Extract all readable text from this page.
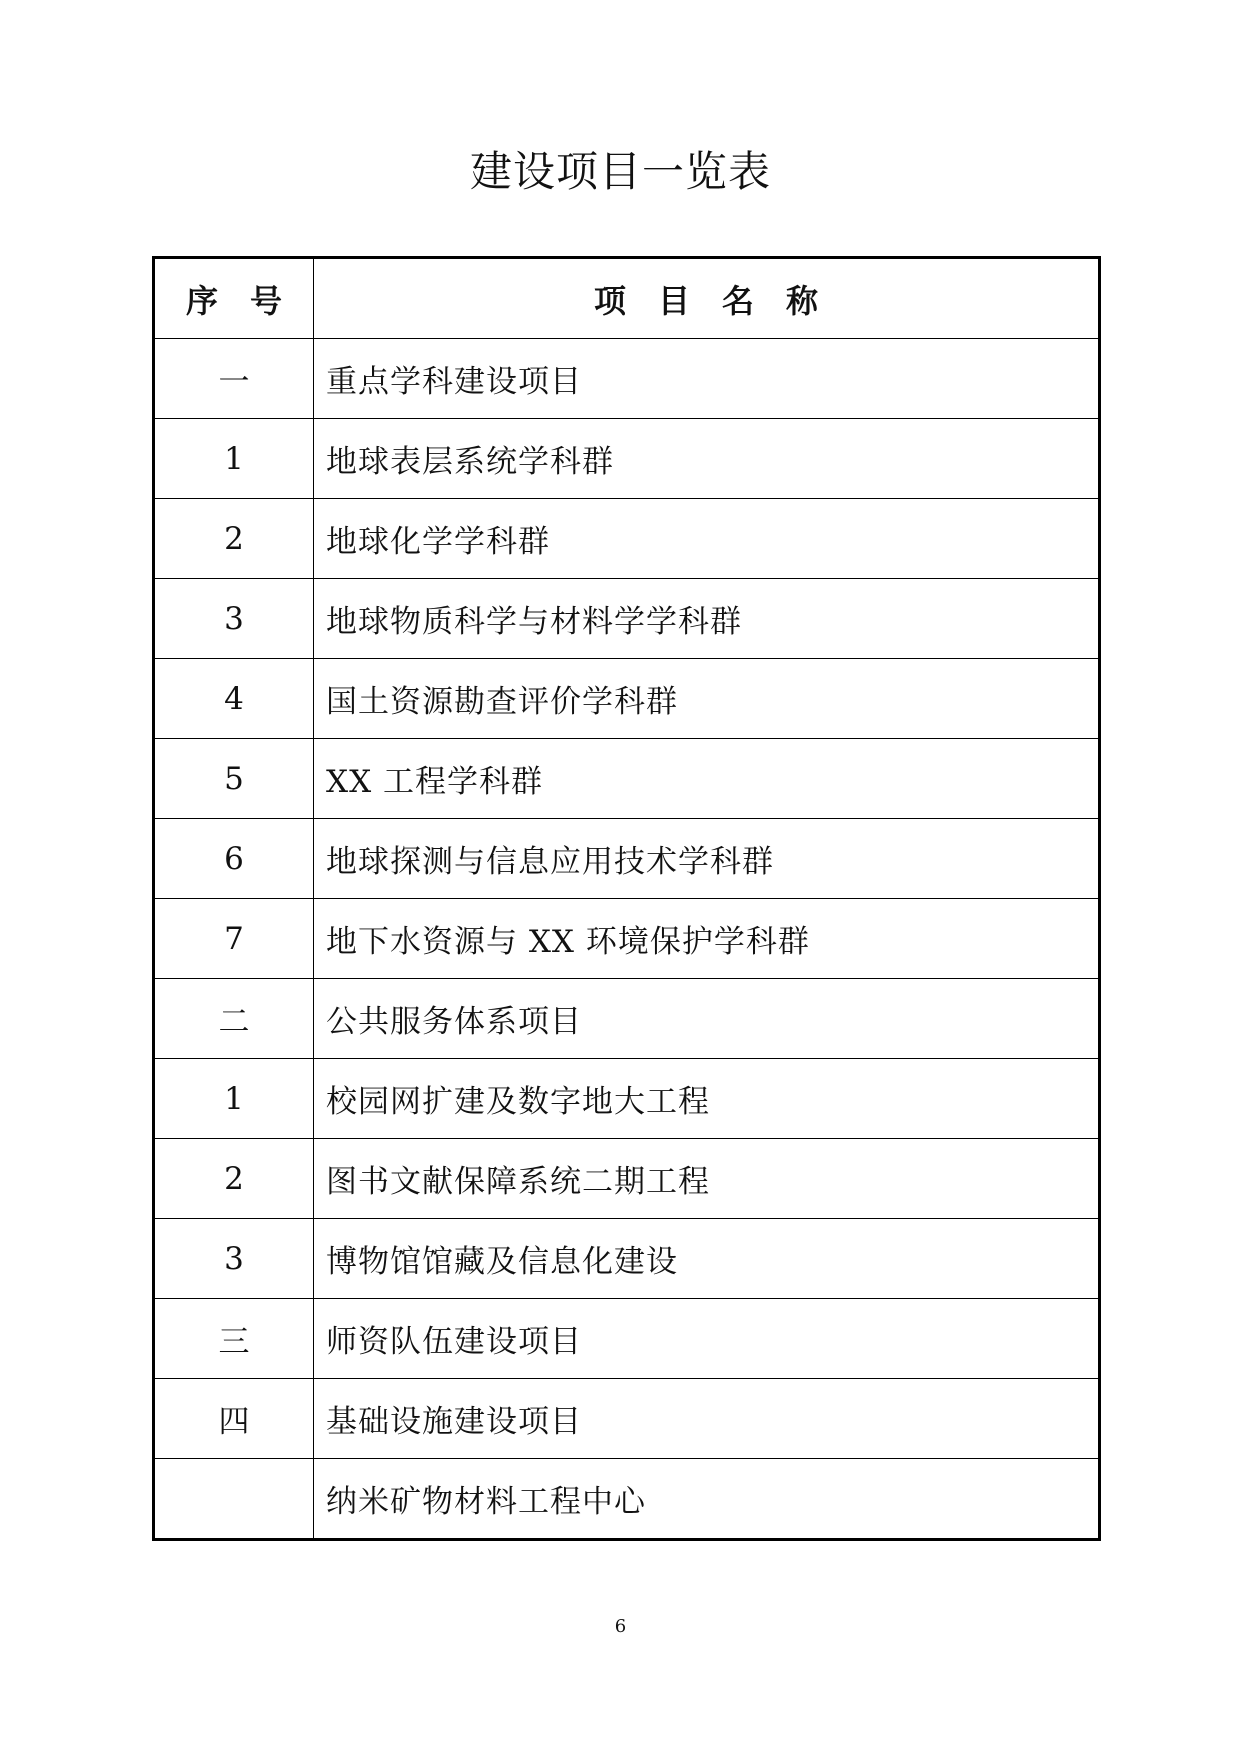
建设项目一览表
序　号	项　目　名　称
一	重点学科建设项目
1	地球表层系统学科群
2	地球化学学科群
3	地球物质科学与材料学学科群
4	国土资源勘查评价学科群
5	XX 工程学科群
6	地球探测与信息应用技术学科群
7	地下水资源与 XX 环境保护学科群
二	公共服务体系项目
1	校园网扩建及数字地大工程
2	图书文献保障系统二期工程
3	博物馆馆藏及信息化建设
三	师资队伍建设项目
四	基础设施建设项目
	纳米矿物材料工程中心
6
